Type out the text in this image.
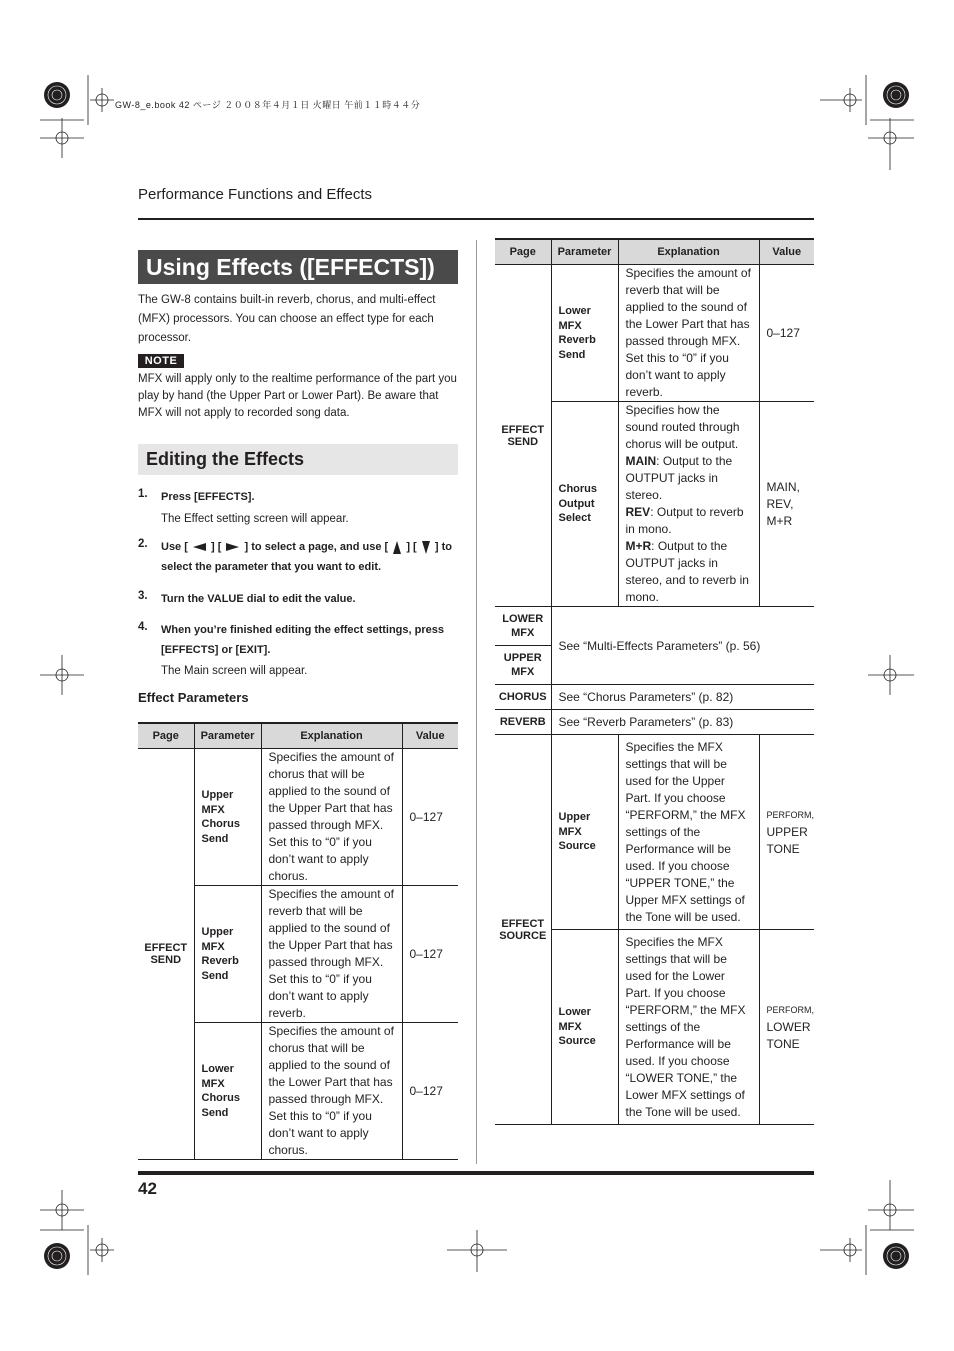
GW-8_e.book 42 ページ ２００８年４月１日 火曜日 午前１１時４４分
Performance Functions and Effects
Using Effects ([EFFECTS])
The GW-8 contains built-in reverb, chorus, and multi-effect (MFX) processors. You can choose an effect type for each processor.
NOTE
MFX will apply only to the realtime performance of the part you play by hand (the Upper Part or Lower Part). Be aware that MFX will not apply to recorded song data.
Editing the Effects
1. Press [EFFECTS].
The Effect setting screen will appear.
2. Use [ ] [ ] to select a page, and use [ ] [ ] to select the parameter that you want to edit.
3. Turn the VALUE dial to edit the value.
4. When you’re finished editing the effect settings, press [EFFECTS] or [EXIT].
The Main screen will appear.
Effect Parameters
Page	Parameter	Explanation	Value
EFFECT SEND	Upper MFX Chorus Send	Specifies the amount of chorus that will be applied to the sound of the Upper Part that has passed through MFX. Set this to “0” if you don’t want to apply chorus.	0–127
	Upper MFX Reverb Send	Specifies the amount of reverb that will be applied to the sound of the Upper Part that has passed through MFX. Set this to “0” if you don’t want to apply reverb.	0–127
	Lower MFX Chorus Send	Specifies the amount of chorus that will be applied to the sound of the Lower Part that has passed through MFX. Set this to “0” if you don’t want to apply chorus.	0–127
Page	Parameter	Explanation	Value
EFFECT SEND	Lower MFX Reverb Send	Specifies the amount of reverb that will be applied to the sound of the Lower Part that has passed through MFX. Set this to “0” if you don’t want to apply reverb.	0–127
	Chorus Output Select	Specifies how the sound routed through chorus will be output.
MAIN: Output to the OUTPUT jacks in stereo.
REV: Output to reverb in mono.
M+R: Output to the OUTPUT jacks in stereo, and to reverb in mono.	MAIN, REV, M+R
LOWER MFX	See “Multi-Effects Parameters” (p. 56)		
UPPER MFX			
CHORUS	See “Chorus Parameters” (p. 82)		
REVERB	See “Reverb Parameters” (p. 83)		
EFFECT SOURCE	Upper MFX Source	Specifies the MFX settings that will be used for the Upper Part. If you choose “PERFORM,” the MFX settings of the Performance will be used. If you choose “UPPER TONE,” the Upper MFX settings of the Tone will be used.	PERFORM,
UPPER TONE
	Lower MFX Source	Specifies the MFX settings that will be used for the Lower Part. If you choose “PERFORM,” the MFX settings of the Performance will be used. If you choose “LOWER TONE,” the Lower MFX settings of the Tone will be used.	PERFORM,
LOWER TONE
42
